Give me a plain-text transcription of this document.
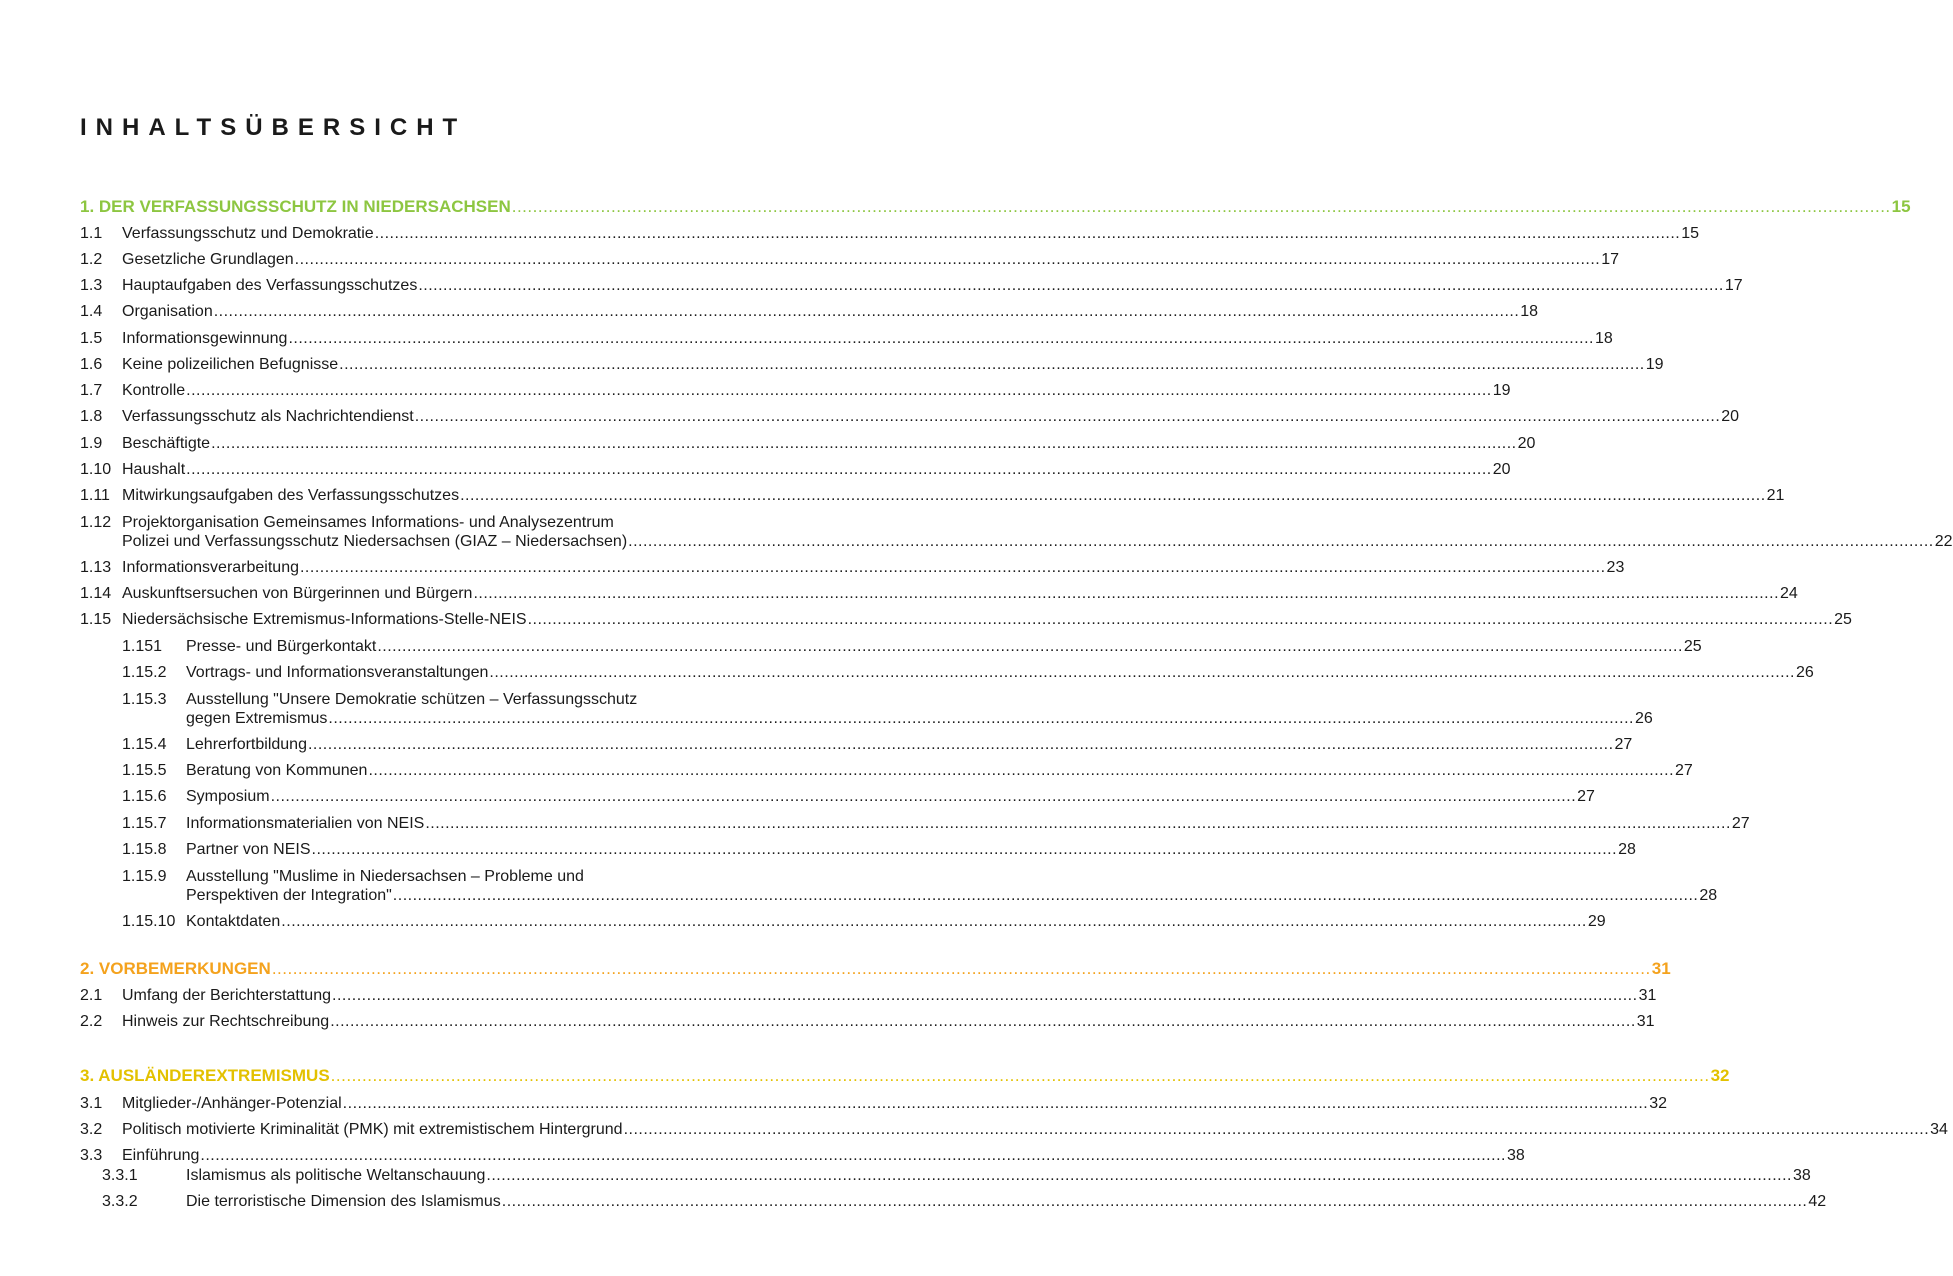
INHALTSÜBERSICHT
1. DER VERFASSUNGSSCHUTZ IN NIEDERSACHSEN .....	15
1.1	Verfassungsschutz und Demokratie .....	15
1.2	Gesetzliche Grundlagen .....	17
1.3	Hauptaufgaben des Verfassungsschutzes .....	17
1.4	Organisation .....	18
1.5	Informationsgewinnung .....	18
1.6	Keine polizeilichen Befugnisse .....	19
1.7	Kontrolle .....	19
1.8	Verfassungsschutz als Nachrichtendienst .....	20
1.9	Beschäftigte .....	20
1.10 Haushalt .....	20
1.11 Mitwirkungsaufgaben des Verfassungsschutzes .....	21
1.12 Projektorganisation Gemeinsames Informations- und Analysezentrum
Polizei und Verfassungsschutz Niedersachsen (GIAZ – Niedersachsen) .....	22
1.13 Informationsverarbeitung .....	23
1.14 Auskunftsersuchen von Bürgerinnen und Bürgern .....	24
1.15 Niedersächsische Extremismus-Informations-Stelle-NEIS .....	25
1.151	Presse- und Bürgerkontakt .....	25
1.15.2	Vortrags- und Informationsveranstaltungen .....	26
1.15.3	Ausstellung "Unsere Demokratie schützen – Verfassungsschutz
gegen Extremismus .....	26
1.15.4	Lehrerfortbildung .....	27
1.15.5	Beratung von Kommunen .....	27
1.15.6	Symposium .....	27
1.15.7	Informationsmaterialien von NEIS .....	27
1.15.8	Partner von NEIS .....	28
1.15.9	Ausstellung "Muslime in Niedersachsen – Probleme und
Perspektiven der Integration" .....	28
1.15.10 Kontaktdaten .....	29
2. VORBEMERKUNGEN .....	31
2.1	Umfang der Berichterstattung .....	31
2.2	Hinweis zur Rechtschreibung .....	31
3. AUSLÄNDEREXTREMISMUS .....	32
3.1	Mitglieder-/Anhänger-Potenzial .....	32
3.2	Politisch motivierte Kriminalität (PMK) mit extremistischem Hintergrund .....	34
3.3	Einführung .....	38
3.3.1	Islamismus als politische Weltanschauung .....	38
3.3.2	Die terroristische Dimension des Islamismus .....	42
